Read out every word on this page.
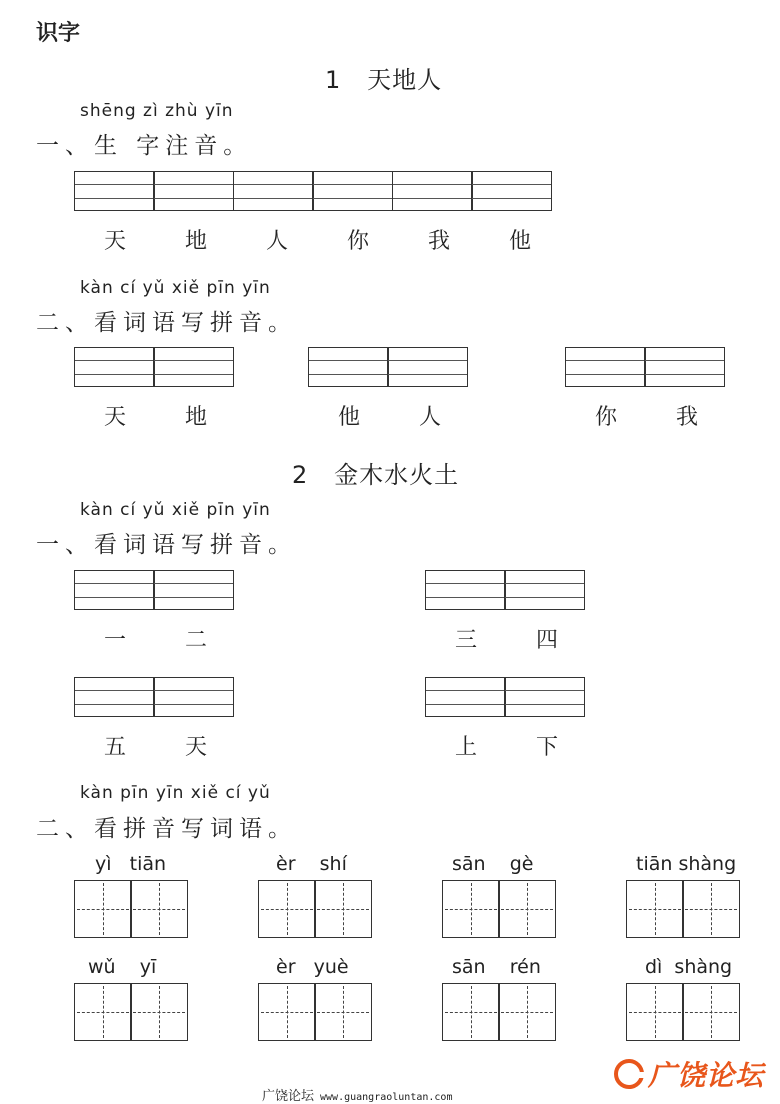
识字
1   天地人
shēng zì zhù yīn
一、生 字注音。
天	地	人	你	我	他
kàn cí yǔ xiě pīn yīn
二、看词语写拼音。
天	地	他	人	你	我
2   金木水火土
kàn cí yǔ xiě pīn yīn
一、看词语写拼音。
一	二	三	四
五	天	上	下
kàn pīn yīn xiě cí yǔ
二、看拼音写词语。
yì   tiān	èr    shí	sān    gè	tiān shàng
wǔ    yī	èr   yuè	sān    rén	dì  shàng
广饶论坛 www.guangraoluntan.com
广饶论坛
